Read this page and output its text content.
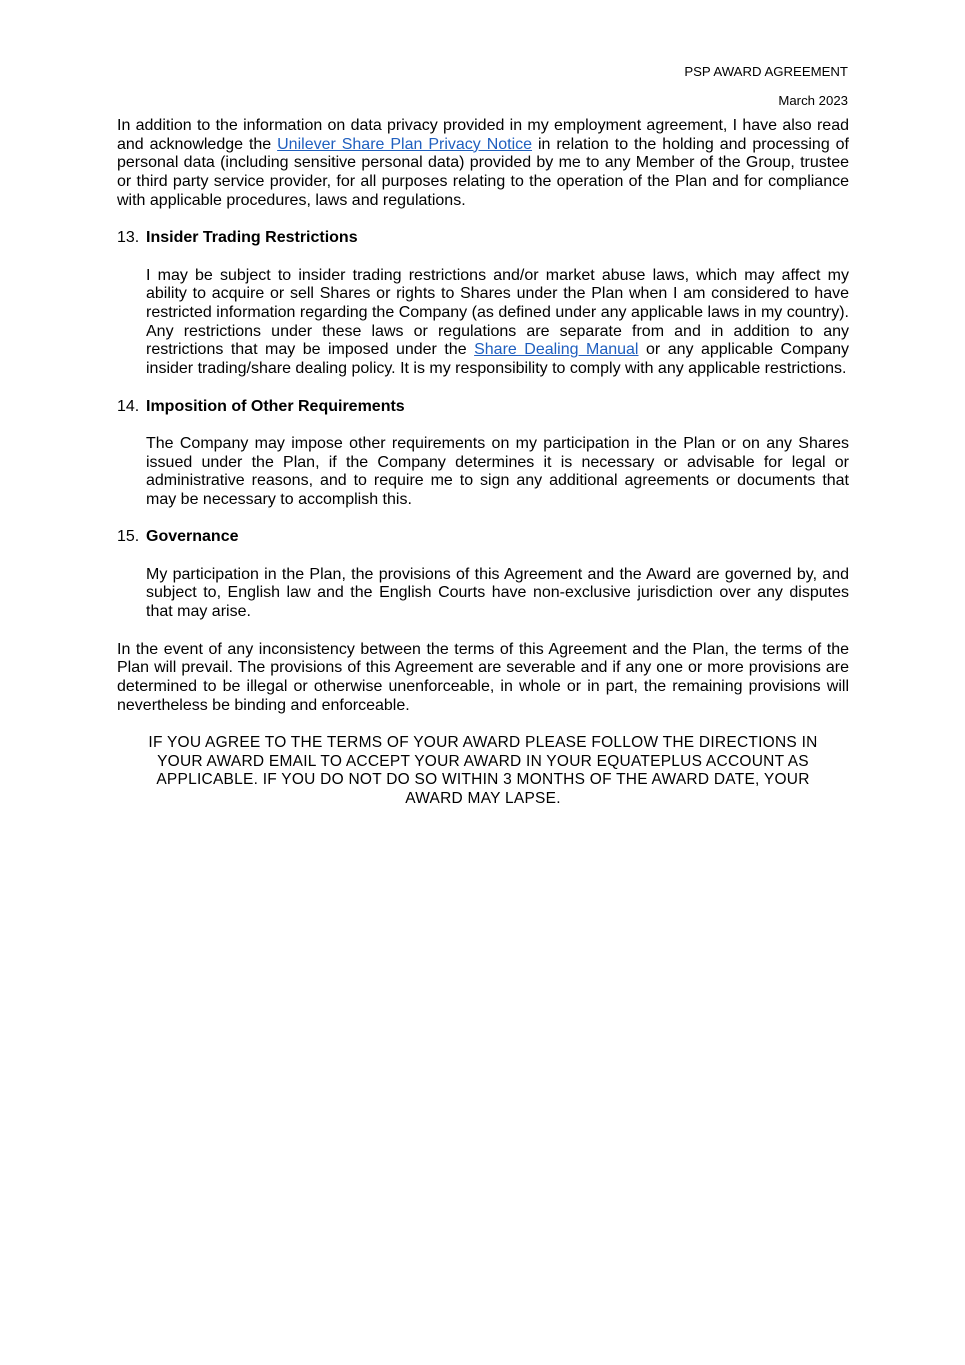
PSP AWARD AGREEMENT
March 2023

In addition to the information on data privacy provided in my employment agreement, I have also read and acknowledge the Unilever Share Plan Privacy Notice in relation to the holding and processing of personal data (including sensitive personal data) provided by me to any Member of the Group, trustee or third party service provider, for all purposes relating to the operation of the Plan and for compliance with applicable procedures, laws and regulations.

13. Insider Trading Restrictions

I may be subject to insider trading restrictions and/or market abuse laws, which may affect my ability to acquire or sell Shares or rights to Shares under the Plan when I am considered to have restricted information regarding the Company (as defined under any applicable laws in my country). Any restrictions under these laws or regulations are separate from and in addition to any restrictions that may be imposed under the Share Dealing Manual or any applicable Company insider trading/share dealing policy. It is my responsibility to comply with any applicable restrictions.

14. Imposition of Other Requirements

The Company may impose other requirements on my participation in the Plan or on any Shares issued under the Plan, if the Company determines it is necessary or advisable for legal or administrative reasons, and to require me to sign any additional agreements or documents that may be necessary to accomplish this.

15. Governance

My participation in the Plan, the provisions of this Agreement and the Award are governed by, and subject to, English law and the English Courts have non-exclusive jurisdiction over any disputes that may arise.

In the event of any inconsistency between the terms of this Agreement and the Plan, the terms of the Plan will prevail. The provisions of this Agreement are severable and if any one or more provisions are determined to be illegal or otherwise unenforceable, in whole or in part, the remaining provisions will nevertheless be binding and enforceable.

IF YOU AGREE TO THE TERMS OF YOUR AWARD PLEASE FOLLOW THE DIRECTIONS IN YOUR AWARD EMAIL TO ACCEPT YOUR AWARD IN YOUR EQUATEPLUS ACCOUNT AS APPLICABLE. IF YOU DO NOT DO SO WITHIN 3 MONTHS OF THE AWARD DATE, YOUR AWARD MAY LAPSE.
